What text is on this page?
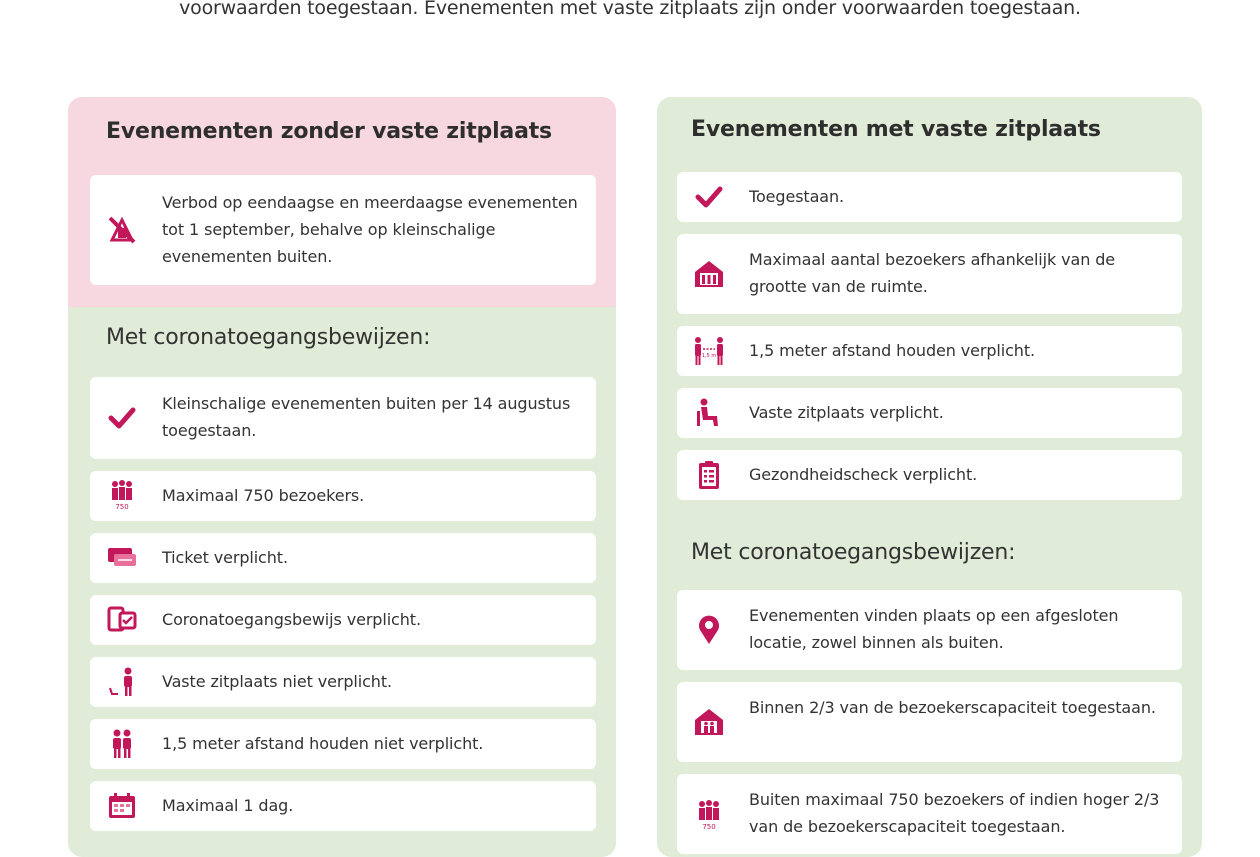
voorwaarden toegestaan. Evenementen met vaste zitplaats zijn onder voorwaarden toegestaan.
Evenementen zonder vaste zitplaats
Verbod op eendaagse en meerdaagse evenementen tot 1 september, behalve op kleinschalige evenementen buiten.
Met coronatoegangsbewijzen:
Kleinschalige evenementen buiten per 14 augustus toegestaan.
750
Maximaal 750 bezoekers.
Ticket verplicht.
Coronatoegangsbewijs verplicht.
Vaste zitplaats niet verplicht.
1,5 meter afstand houden niet verplicht.
Maximaal 1 dag.
Evenementen met vaste zitplaats
Toegestaan.
Maximaal aantal bezoekers afhankelijk van de grootte van de ruimte.
1,5 m 1,5 meter afstand houden verplicht.
Vaste zitplaats verplicht.
Gezondheidscheck verplicht.
Met coronatoegangsbewijzen:
Evenementen vinden plaats op een afgesloten locatie, zowel binnen als buiten.
Binnen 2/3 van de bezoekerscapaciteit toegestaan.
750
Buiten maximaal 750 bezoekers of indien hoger 2/3 van de bezoekerscapaciteit toegestaan.
